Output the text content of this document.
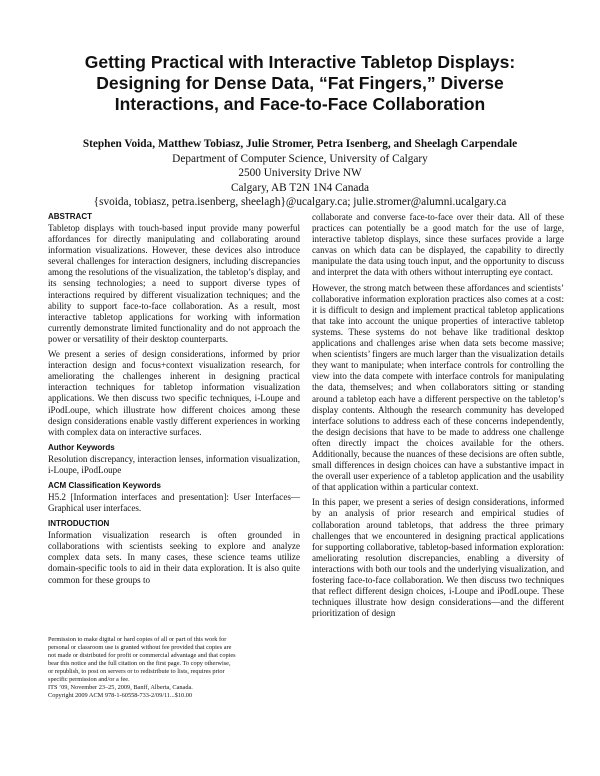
Getting Practical with Interactive Tabletop Displays:
Designing for Dense Data, “Fat Fingers,” Diverse
Interactions, and Face-to-Face Collaboration
Stephen Voida, Matthew Tobiasz, Julie Stromer, Petra Isenberg, and Sheelagh Carpendale
Department of Computer Science, University of Calgary
2500 University Drive NW
Calgary, AB T2N 1N4 Canada
{svoida, tobiasz, petra.isenberg, sheelagh}@ucalgary.ca; julie.stromer@alumni.ucalgary.ca
ABSTRACT

Tabletop displays with touch-based input provide many powerful affordances for directly manipulating and collaborating around information visualizations. However, these devices also introduce several challenges for interaction designers, including discrepancies among the resolutions of the visualization, the tabletop’s display, and its sensing technologies; a need to support diverse types of interactions required by different visualization techniques; and the ability to support face-to-face collaboration. As a result, most interactive tabletop applications for working with information currently demonstrate limited functionality and do not approach the power or versatility of their desktop counterparts.

We present a series of design considerations, informed by prior interaction design and focus+context visualization research, for ameliorating the challenges inherent in designing practical interaction techniques for tabletop information visualization applications. We then discuss two specific techniques, i-Loupe and iPodLoupe, which illustrate how different choices among these design considerations enable vastly different experiences in working with complex data on interactive surfaces.

Author Keywords

Resolution discrepancy, interaction lenses, information visualization, i-Loupe, iPodLoupe

ACM Classification Keywords

H5.2 [Information interfaces and presentation]: User Interfaces—Graphical user interfaces.

INTRODUCTION

Information visualization research is often grounded in collaborations with scientists seeking to explore and analyze complex data sets. In many cases, these science teams utilize domain-specific tools to aid in their data exploration. It is also quite common for these groups to

Permission to make digital or hard copies of all or part of this work for
personal or classroom use is granted without fee provided that copies are
not made or distributed for profit or commercial advantage and that copies
bear this notice and the full citation on the first page. To copy otherwise,
or republish, to post on servers or to redistribute to lists, requires prior
specific permission and/or a fee.
ITS ’09, November 23–25, 2009, Banff, Alberta, Canada.
Copyright 2009 ACM 978-1-60558-733-2/09/11...$10.00

collaborate and converse face-to-face over their data. All of these practices can potentially be a good match for the use of large, interactive tabletop displays, since these surfaces provide a large canvas on which data can be displayed, the capability to directly manipulate the data using touch input, and the opportunity to discuss and interpret the data with others without interrupting eye contact.

However, the strong match between these affordances and scientists’ collaborative information exploration practices also comes at a cost: it is difficult to design and implement practical tabletop applications that take into account the unique properties of interactive tabletop systems. These systems do not behave like traditional desktop applications and challenges arise when data sets become massive; when scientists’ fingers are much larger than the visualization details they want to manipulate; when interface controls for controlling the view into the data compete with interface controls for manipulating the data, themselves; and when collaborators sitting or standing around a tabletop each have a different perspective on the tabletop’s display contents. Although the research community has developed interface solutions to address each of these concerns independently, the design decisions that have to be made to address one challenge often directly impact the choices available for the others. Additionally, because the nuances of these decisions are often subtle, small differences in design choices can have a substantive impact in the overall user experience of a tabletop application and the usability of that application within a particular context.

In this paper, we present a series of design considerations, informed by an analysis of prior research and empirical studies of collaboration around tabletops, that address the three primary challenges that we encountered in designing practical applications for supporting collaborative, tabletop-based information exploration: ameliorating resolution discrepancies, enabling a diversity of interactions with both our tools and the underlying visualization, and fostering face-to-face collaboration. We then discuss two techniques that reflect different design choices, i-Loupe and iPodLoupe. These techniques illustrate how design considerations—and the different prioritization of design
